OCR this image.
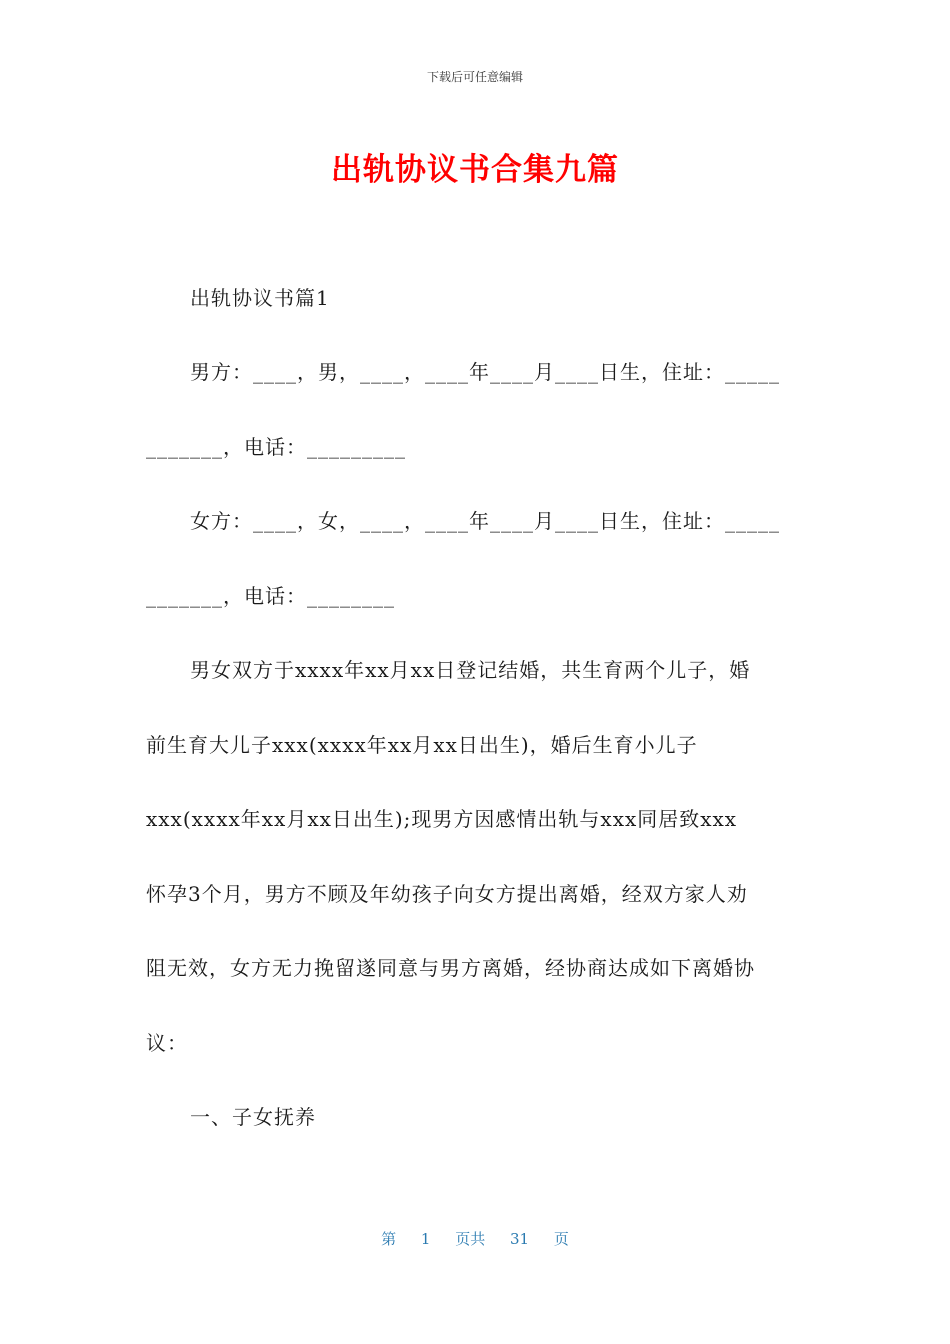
下载后可任意编辑
出轨协议书合集九篇
出轨协议书篇1
男方：____，男，____，____年____月____日生，住址：_____
_______，电话：_________
女方：____，女，____，____年____月____日生，住址：_____
_______，电话：________
男女双方于xxxx年xx月xx日登记结婚，共生育两个儿子，婚
前生育大儿子xxx(xxxx年xx月xx日出生)，婚后生育小儿子
xxx(xxxx年xx月xx日出生);现男方因感情出轨与xxx同居致xxx
怀孕3个月，男方不顾及年幼孩子向女方提出离婚，经双方家人劝
阻无效，女方无力挽留遂同意与男方离婚，经协商达成如下离婚协
议：
一、子女抚养
第 1 页共 31 页
